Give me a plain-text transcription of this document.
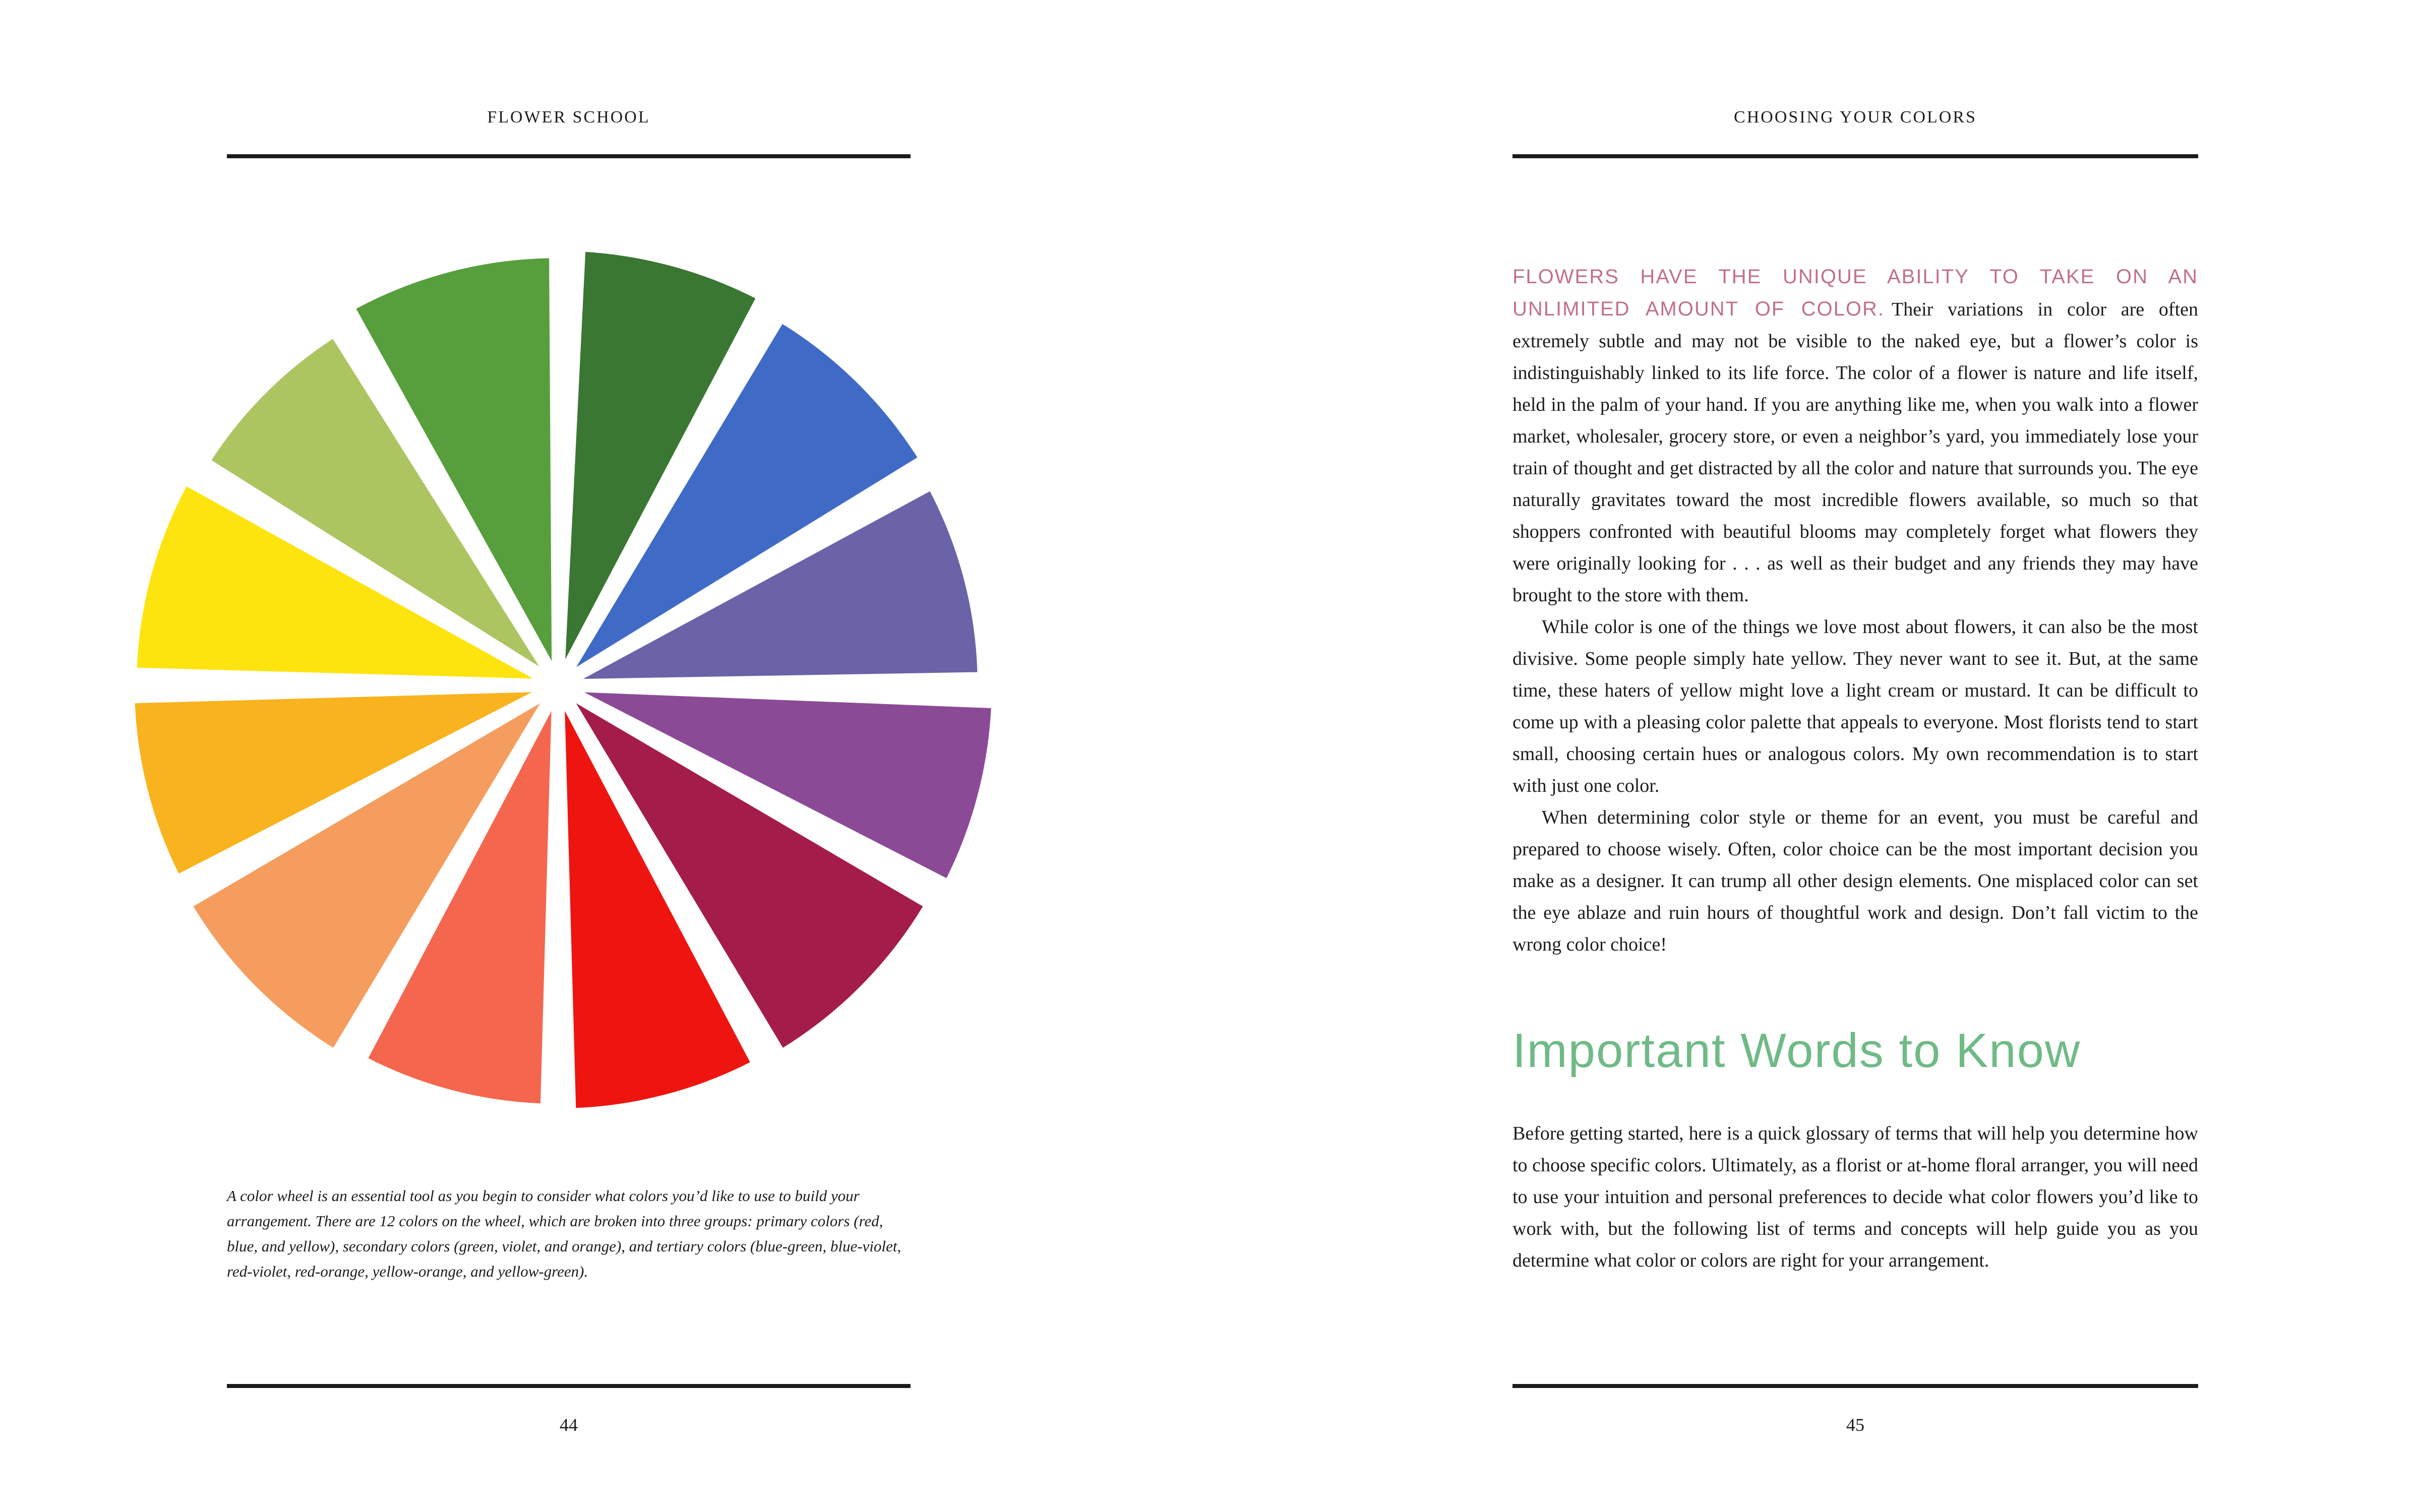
FLOWER SCHOOL
A color wheel is an essential tool as you begin to consider what colors you’d like to use to build your arrangement. There are 12 colors on the wheel, which are broken into three groups: primary colors (red, blue, and yellow), secondary colors (green, violet, and orange), and tertiary colors (blue-green, blue-violet, red-violet, red-orange, yellow-orange, and yellow-green).
44
CHOOSING YOUR COLORS

FLOWERS HAVE THE UNIQUE ABILITY TO TAKE ON AN UNLIMITED AMOUNT OF COLOR. Their variations in color are often extremely subtle and may not be visible to the naked eye, but a flower’s color is indistinguishably linked to its life force. The color of a flower is nature and life itself, held in the palm of your hand. If you are anything like me, when you walk into a flower market, wholesaler, grocery store, or even a neighbor’s yard, you immediately lose your train of thought and get distracted by all the color and nature that surrounds you. The eye naturally gravitates toward the most incredible flowers available, so much so that shoppers confronted with beautiful blooms may completely forget what flowers they were originally looking for . . . as well as their budget and any friends they may have brought to the store with them.

While color is one of the things we love most about flowers, it can also be the most divisive. Some people simply hate yellow. They never want to see it. But, at the same time, these haters of yellow might love a light cream or mustard. It can be difficult to come up with a pleasing color palette that appeals to everyone. Most florists tend to start small, choosing certain hues or analogous colors. My own recommendation is to start with just one color.

When determining color style or theme for an event, you must be careful and prepared to choose wisely. Often, color choice can be the most important decision you make as a designer. It can trump all other design elements. One misplaced color can set the eye ablaze and ruin hours of thoughtful work and design. Don’t fall victim to the wrong color choice!

Important Words to Know

Before getting started, here is a quick glossary of terms that will help you determine how to choose specific colors. Ultimately, as a florist or at-home floral arranger, you will need to use your intuition and personal preferences to decide what color flowers you’d like to work with, but the following list of terms and concepts will help guide you as you determine what color or colors are right for your arrangement.

45
